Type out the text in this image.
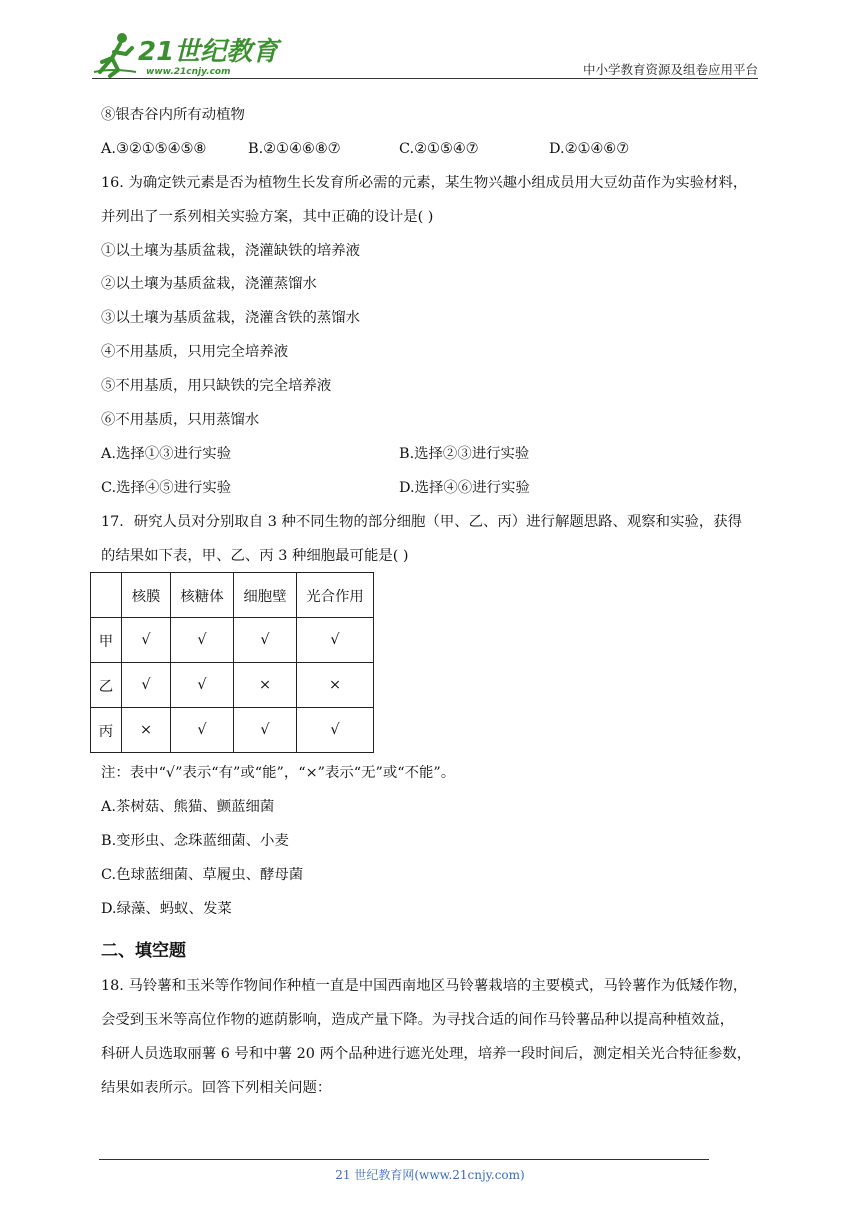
21世纪教育
www.21cnjy.com	中小学教育资源及组卷应用平台
⑧银杏谷内所有动植物
A.③②①⑤④⑤⑧	B.②①④⑥⑧⑦	C.②①⑤④⑦	D.②①④⑥⑦
16. 为确定铁元素是否为植物生长发育所必需的元素，某生物兴趣小组成员用大豆幼苗作为实验材料，
并列出了一系列相关实验方案，其中正确的设计是( )
①以土壤为基质盆栽，浇灌缺铁的培养液
②以土壤为基质盆栽，浇灌蒸馏水
③以土壤为基质盆栽，浇灌含铁的蒸馏水
④不用基质，只用完全培养液
⑤不用基质，用只缺铁的完全培养液
⑥不用基质，只用蒸馏水
A.选择①③进行实验	B.选择②③进行实验
C.选择④⑤进行实验	D.选择④⑥进行实验
17．研究人员对分别取自 3 种不同生物的部分细胞（甲、乙、丙）进行解题思路、观察和实验，获得
的结果如下表，甲、乙、丙 3 种细胞最可能是( )
	核膜	核糖体	细胞壁	光合作用
甲	√	√	√	√
乙	√	√	×	×
丙	×	√	√	√
注：表中“√”表示“有”或“能”，“×”表示“无”或“不能”。
A.茶树菇、熊猫、颤蓝细菌
B.变形虫、念珠蓝细菌、小麦
C.色球蓝细菌、草履虫、酵母菌
D.绿藻、蚂蚁、发菜
二、填空题
18. 马铃薯和玉米等作物间作种植一直是中国西南地区马铃薯栽培的主要模式，马铃薯作为低矮作物，
会受到玉米等高位作物的遮荫影响，造成产量下降。为寻找合适的间作马铃薯品种以提高种植效益，
科研人员选取丽薯 6 号和中薯 20 两个品种进行遮光处理，培养一段时间后，测定相关光合特征参数，
结果如表所示。回答下列相关问题：
21 世纪教育网(www.21cnjy.com)
